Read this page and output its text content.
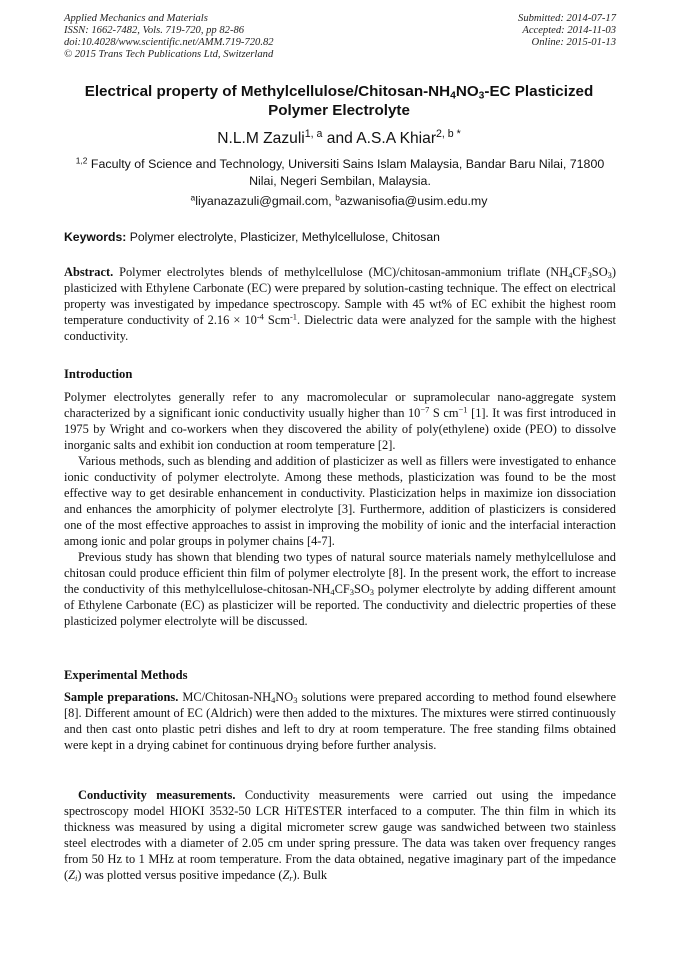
Applied Mechanics and Materials
ISSN: 1662-7482, Vols. 719-720, pp 82-86
doi:10.4028/www.scientific.net/AMM.719-720.82
© 2015 Trans Tech Publications Ltd, Switzerland
Submitted: 2014-07-17
Accepted: 2014-11-03
Online: 2015-01-13
Electrical property of Methylcellulose/$Chitosan-NH_4NO_3-EC$ Plasticized
Polymer Electrolyte
N.L.M Zazuli$^{1, a}$ and A.S.A Khiar$^{2, b *}$
$^{1,2}$ Faculty of Science and Technology, Universiti Sains Islam Malaysia, Bandar Baru Nilai, 71800
Nilai, Negeri Sembilan, Malaysia.
$^a$liyanazazuli@gmail.com, $^b$azwanisofia@usim.edu.my
Keywords: Polymer electrolyte, Plasticizer, Methylcellulose, Chitosan

Abstract. Polymer electrolytes blends of methylcellulose (MC)/chitosan-ammonium triflate $(NH_4CF_3SO_3)$ plasticized with Ethylene Carbonate (EC) were prepared by solution-casting technique. The effect on electrical property was investigated by impedance spectroscopy. Sample with 45 wt% of EC exhibit the highest room temperature conductivity of $2.16 \times 10^{-4}$ Scm$^{-1}$. Dielectric data were analyzed for the sample with the highest conductivity.

Introduction

Polymer electrolytes generally refer to any macromolecular or supramolecular nano-aggregate system characterized by a significant ionic conductivity usually higher than $10^{-7}$ S $cm^{-1}$ [1]. It was first introduced in 1975 by Wright and co-workers when they discovered the ability of poly(ethylene) oxide (PEO) to dissolve inorganic salts and exhibit ion conduction at room temperature [2].

Various methods, such as blending and addition of plasticizer as well as fillers were investigated to enhance ionic conductivity of polymer electrolyte. Among these methods, plasticization was found to be the most effective way to get desirable enhancement in conductivity. Plasticization helps in maximize ion dissociation and enhances the amorphicity of polymer electrolyte [3]. Furthermore, addition of plasticizers is considered one of the most effective approaches to assist in improving the mobility of ionic and the interfacial interaction among ionic and polar groups in polymer chains [4-7].

Previous study has shown that blending two types of natural source materials namely methylcellulose and chitosan could produce efficient thin film of polymer electrolyte [8]. In the present work, the effort to increase the conductivity of this methylcellulose-$chitosan-NH_4CF_3SO_3$ polymer electrolyte by adding different amount of Ethylene Carbonate (EC) as plasticizer will be reported. The conductivity and dielectric properties of these plasticized polymer electrolyte will be discussed.

Experimental Methods

Sample preparations. $MC/Chitosan-NH_4NO_3$ solutions were prepared according to method found elsewhere [8]. Different amount of EC (Aldrich) were then added to the mixtures. The mixtures were stirred continuously and then cast onto plastic petri dishes and left to dry at room temperature. The free standing films obtained were kept in a drying cabinet for continuous drying before further analysis.

Conductivity measurements. Conductivity measurements were carried out using the impedance spectroscopy model HIOKI 3532-50 LCR HiTESTER interfaced to a computer. The thin film in which its thickness was measured by using a digital micrometer screw gauge was sandwiched between two stainless steel electrodes with a diameter of 2.05 cm under spring pressure. The data was taken over frequency ranges from 50 Hz to 1 MHz at room temperature. From the data obtained, negative imaginary part of the impedance $(Z_i)$ was plotted versus positive impedance $(Z_r)$. Bulk
